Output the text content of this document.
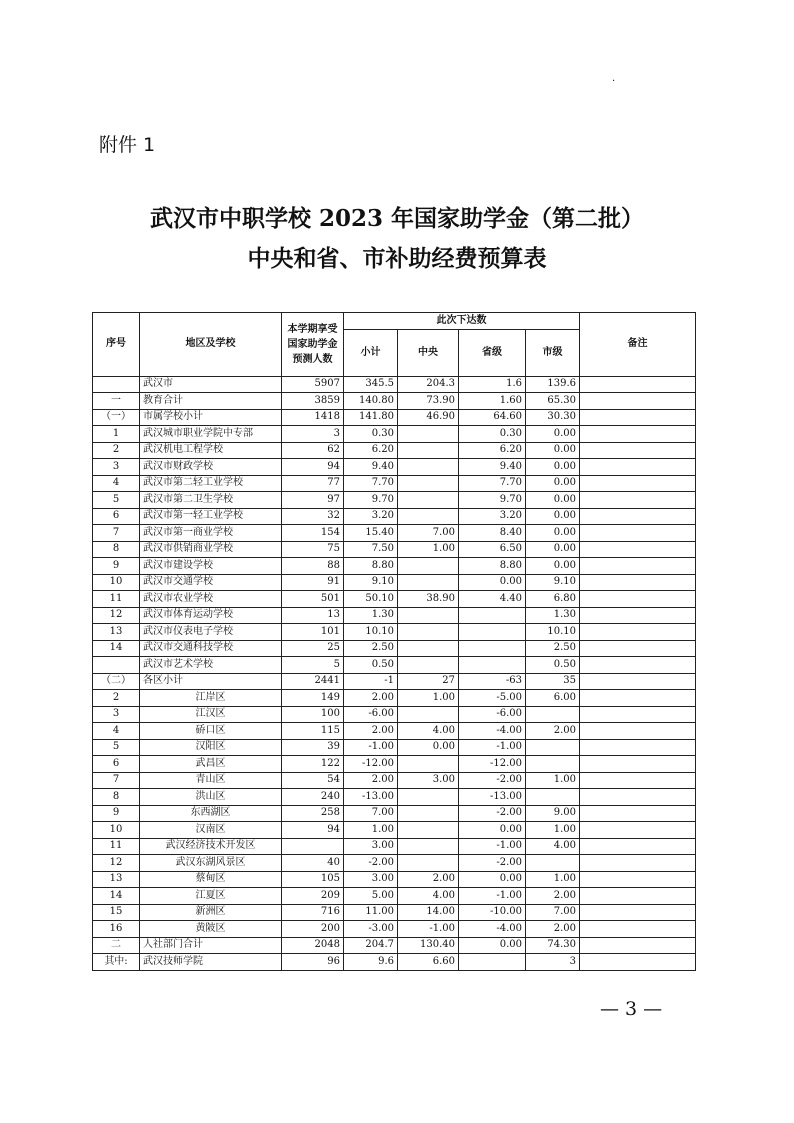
·
附件 1
武汉市中职学校 2023 年国家助学金（第二批）
中央和省、市补助经费预算表
序号	地区及学校	本学期享受国家助学金预测人数	此次下达数				备注
			小计	中央	省级	市级	
	武汉市	5907	345.5	204.3	1.6	139.6	
一	教育合计	3859	140.80	73.90	1.60	65.30	
（一）	市属学校小计	1418	141.80	46.90	64.60	30.30	
1	武汉城市职业学院中专部	3	0.30		0.30	0.00	
2	武汉机电工程学校	62	6.20		6.20	0.00	
3	武汉市财政学校	94	9.40		9.40	0.00	
4	武汉市第二轻工业学校	77	7.70		7.70	0.00	
5	武汉市第二卫生学校	97	9.70		9.70	0.00	
6	武汉市第一轻工业学校	32	3.20		3.20	0.00	
7	武汉市第一商业学校	154	15.40	7.00	8.40	0.00	
8	武汉市供销商业学校	75	7.50	1.00	6.50	0.00	
9	武汉市建设学校	88	8.80		8.80	0.00	
10	武汉市交通学校	91	9.10		0.00	9.10	
11	武汉市农业学校	501	50.10	38.90	4.40	6.80	
12	武汉市体育运动学校	13	1.30			1.30	
13	武汉市仪表电子学校	101	10.10			10.10	
14	武汉市交通科技学校	25	2.50			2.50	
	武汉市艺术学校	5	0.50			0.50	
（二）	各区小计	2441	-1	27	-63	35	
2	江岸区	149	2.00	1.00	-5.00	6.00	
3	江汉区	100	-6.00		-6.00		
4	硚口区	115	2.00	4.00	-4.00	2.00	
5	汉阳区	39	-1.00	0.00	-1.00		
6	武昌区	122	-12.00		-12.00		
7	青山区	54	2.00	3.00	-2.00	1.00	
8	洪山区	240	-13.00		-13.00		
9	东西湖区	258	7.00		-2.00	9.00	
10	汉南区	94	1.00		0.00	1.00	
11	武汉经济技术开发区		3.00		-1.00	4.00	
12	武汉东湖风景区	40	-2.00		-2.00		
13	蔡甸区	105	3.00	2.00	0.00	1.00	
14	江夏区	209	5.00	4.00	-1.00	2.00	
15	新洲区	716	11.00	14.00	-10.00	7.00	
16	黄陂区	200	-3.00	-1.00	-4.00	2.00	
二	人社部门合计	2048	204.7	130.40	0.00	74.30	
其中:	武汉技师学院	96	9.6	6.60		3	
— 3 —
